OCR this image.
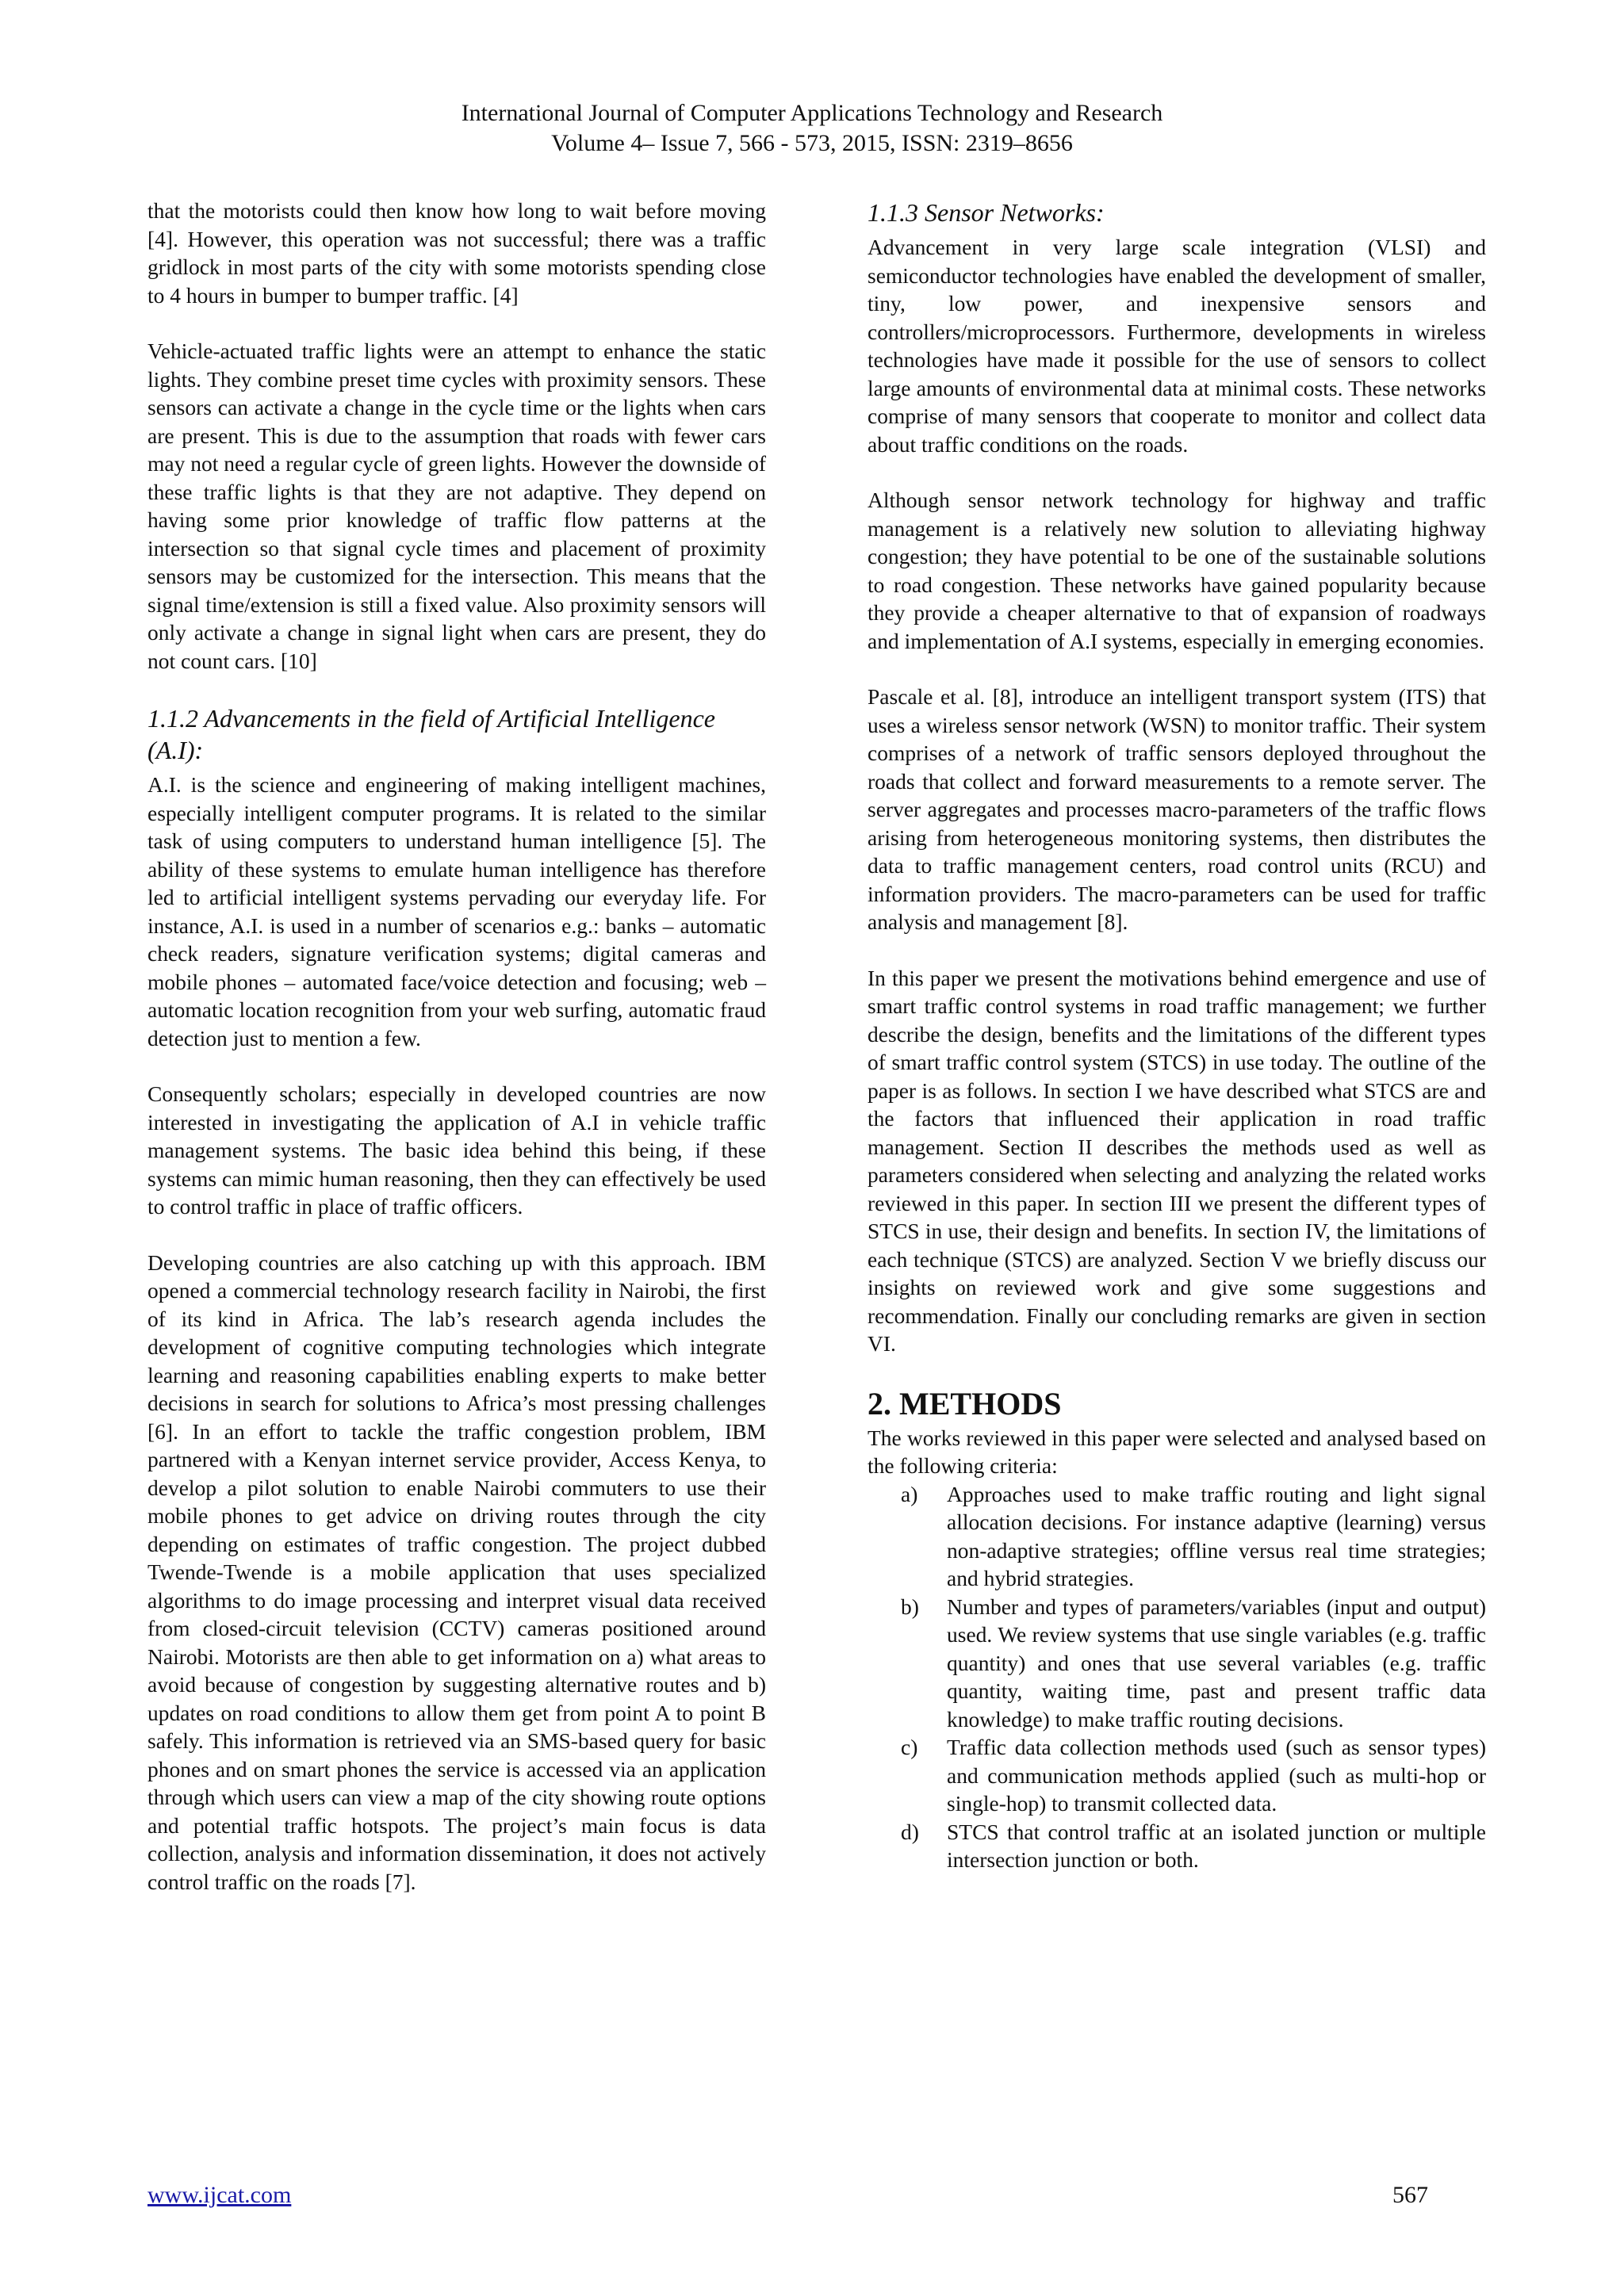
International Journal of Computer Applications Technology and Research
Volume 4– Issue 7, 566 - 573, 2015, ISSN: 2319–8656

that the motorists could then know how long to wait before moving [4]. However, this operation was not successful; there was a traffic gridlock in most parts of the city with some motorists spending close to 4 hours in bumper to bumper traffic. [4]

Vehicle-actuated traffic lights were an attempt to enhance the static lights. They combine preset time cycles with proximity sensors. These sensors can activate a change in the cycle time or the lights when cars are present. This is due to the assumption that roads with fewer cars may not need a regular cycle of green lights. However the downside of these traffic lights is that they are not adaptive. They depend on having some prior knowledge of traffic flow patterns at the intersection so that signal cycle times and placement of proximity sensors may be customized for the intersection. This means that the signal time/extension is still a fixed value. Also proximity sensors will only activate a change in signal light when cars are present, they do not count cars. [10]

1.1.2 Advancements in the field of Artificial Intelligence (A.I):

A.I. is the science and engineering of making intelligent machines, especially intelligent computer programs. It is related to the similar task of using computers to understand human intelligence [5]. The ability of these systems to emulate human intelligence has therefore led to artificial intelligent systems pervading our everyday life. For instance, A.I. is used in a number of scenarios e.g.: banks – automatic check readers, signature verification systems; digital cameras and mobile phones – automated face/voice detection and focusing; web – automatic location recognition from your web surfing, automatic fraud detection just to mention a few.

Consequently scholars; especially in developed countries are now interested in investigating the application of A.I in vehicle traffic management systems. The basic idea behind this being, if these systems can mimic human reasoning, then they can effectively be used to control traffic in place of traffic officers.

Developing countries are also catching up with this approach. IBM opened a commercial technology research facility in Nairobi, the first of its kind in Africa. The lab’s research agenda includes the development of cognitive computing technologies which integrate learning and reasoning capabilities enabling experts to make better decisions in search for solutions to Africa’s most pressing challenges [6]. In an effort to tackle the traffic congestion problem, IBM partnered with a Kenyan internet service provider, Access Kenya, to develop a pilot solution to enable Nairobi commuters to use their mobile phones to get advice on driving routes through the city depending on estimates of traffic congestion. The project dubbed Twende-Twende is a mobile application that uses specialized algorithms to do image processing and interpret visual data received from closed-circuit television (CCTV) cameras positioned around Nairobi. Motorists are then able to get information on a) what areas to avoid because of congestion by suggesting alternative routes and b) updates on road conditions to allow them get from point A to point B safely. This information is retrieved via an SMS-based query for basic phones and on smart phones the service is accessed via an application through which users can view a map of the city showing route options and potential traffic hotspots. The project’s main focus is data collection, analysis and information dissemination, it does not actively control traffic on the roads [7].

1.1.3 Sensor Networks:

Advancement in very large scale integration (VLSI) and semiconductor technologies have enabled the development of smaller, tiny, low power, and inexpensive sensors and controllers/microprocessors. Furthermore, developments in wireless technologies have made it possible for the use of sensors to collect large amounts of environmental data at minimal costs. These networks comprise of many sensors that cooperate to monitor and collect data about traffic conditions on the roads.

Although sensor network technology for highway and traffic management is a relatively new solution to alleviating highway congestion; they have potential to be one of the sustainable solutions to road congestion. These networks have gained popularity because they provide a cheaper alternative to that of expansion of roadways and implementation of A.I systems, especially in emerging economies.

Pascale et al. [8], introduce an intelligent transport system (ITS) that uses a wireless sensor network (WSN) to monitor traffic. Their system comprises of a network of traffic sensors deployed throughout the roads that collect and forward measurements to a remote server. The server aggregates and processes macro-parameters of the traffic flows arising from heterogeneous monitoring systems, then distributes the data to traffic management centers, road control units (RCU) and information providers. The macro-parameters can be used for traffic analysis and management [8].

In this paper we present the motivations behind emergence and use of smart traffic control systems in road traffic management; we further describe the design, benefits and the limitations of the different types of smart traffic control system (STCS) in use today. The outline of the paper is as follows. In section I we have described what STCS are and the factors that influenced their application in road traffic management. Section II describes the methods used as well as parameters considered when selecting and analyzing the related works reviewed in this paper. In section III we present the different types of STCS in use, their design and benefits. In section IV, the limitations of each technique (STCS) are analyzed. Section V we briefly discuss our insights on reviewed work and give some suggestions and recommendation. Finally our concluding remarks are given in section VI.

2. METHODS

The works reviewed in this paper were selected and analysed based on the following criteria:

a) Approaches used to make traffic routing and light signal allocation decisions. For instance adaptive (learning) versus non-adaptive strategies; offline versus real time strategies; and hybrid strategies.
b) Number and types of parameters/variables (input and output) used. We review systems that use single variables (e.g. traffic quantity) and ones that use several variables (e.g. traffic quantity, waiting time, past and present traffic data knowledge) to make traffic routing decisions.
c) Traffic data collection methods used (such as sensor types) and communication methods applied (such as multi-hop or single-hop) to transmit collected data.
d) STCS that control traffic at an isolated junction or multiple intersection junction or both.
www.ijcat.com	567
